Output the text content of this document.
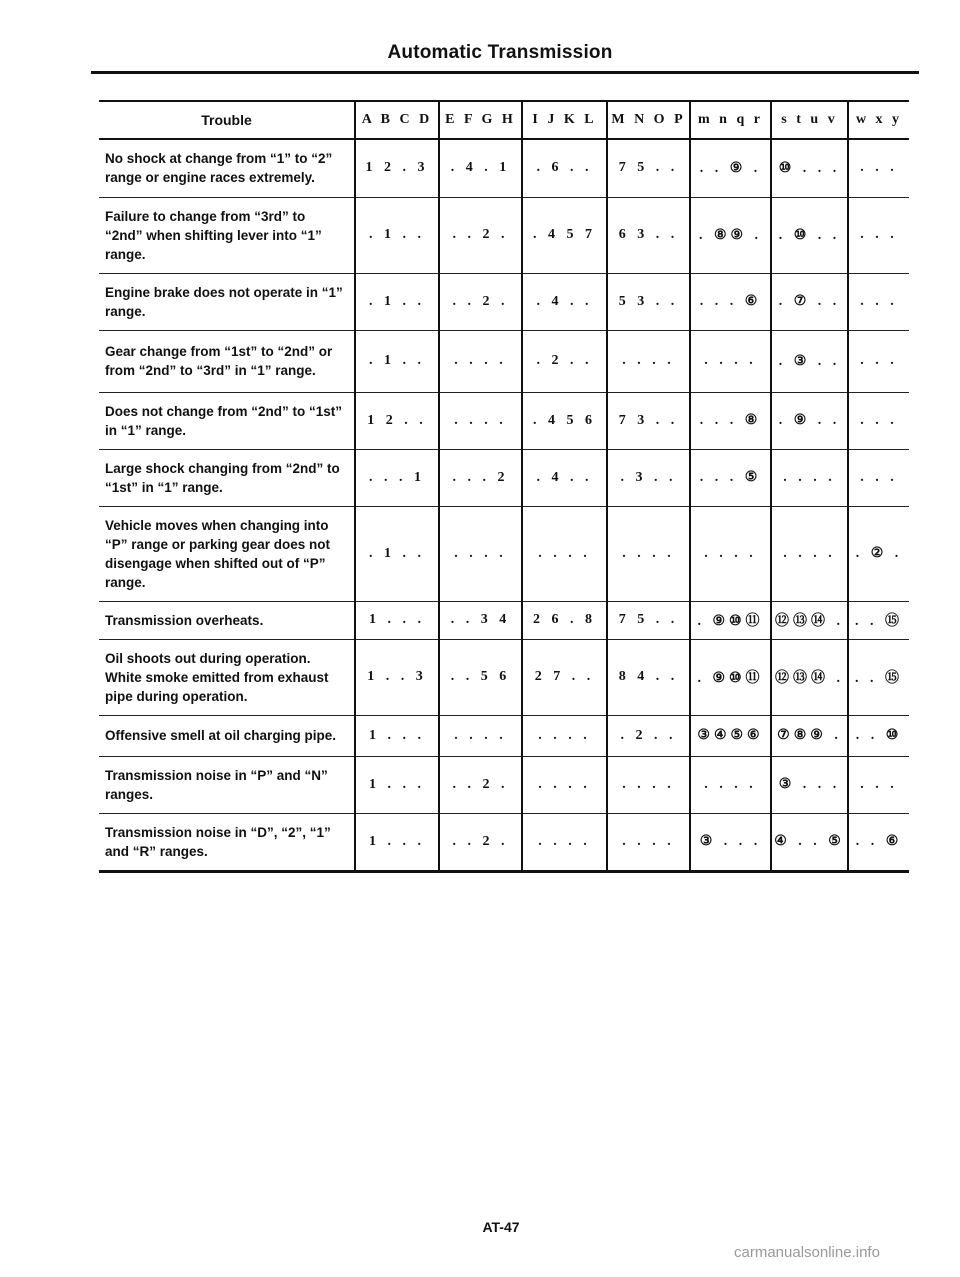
Automatic Transmission
Trouble	A B C D	E F G H	I J K L	M N O P	m n q r	s t u v	w x y
No shock at change from “1” to “2” range or engine races extremely.	1 2 . 3	. 4 . 1	. 6 . .	7 5 . .	. . ⑨ .	⑩ . . .	. . .
Failure to change from “3rd” to “2nd” when shifting lever into “1” range.	. 1 . .	. . 2 .	. 4 5 7	6 3 . .	. ⑧⑨ .	. ⑩ . .	. . .
Engine brake does not operate in “1” range.	. 1 . .	. . 2 .	. 4 . .	5 3 . .	. . . ⑥	. ⑦ . .	. . .
Gear change from “1st” to “2nd” or from “2nd” to “3rd” in “1” range.	. 1 . .	. . . .	. 2 . .	. . . .	. . . .	. ③ . .	. . .
Does not change from “2nd” to “1st” in “1” range.	1 2 . .	. . . .	. 4 5 6	7 3 . .	. . . ⑧	. ⑨ . .	. . .
Large shock changing from “2nd” to “1st” in “1” range.	. . . 1	. . . 2	. 4 . .	. 3 . .	. . . ⑤	. . . .	. . .
Vehicle moves when changing into “P” range or parking gear does not disengage when shifted out of “P” range.	. 1 . .	. . . .	. . . .	. . . .	. . . .	. . . .	. ② .
Transmission overheats.	1 . . .	. . 3 4	2 6 . 8	7 5 . .	. ⑨⑩⑪	⑫⑬⑭ .	. . ⑮
Oil shoots out during operation. White smoke emitted from exhaust pipe during operation.	1 . . 3	. . 5 6	2 7 . .	8 4 . .	. ⑨⑩⑪	⑫⑬⑭ .	. . ⑮
Offensive smell at oil charging pipe.	1 . . .	. . . .	. . . .	. 2 . .	③④⑤⑥	⑦⑧⑨ .	. . ⑩
Transmission noise in “P” and “N” ranges.	1 . . .	. . 2 .	. . . .	. . . .	. . . .	③ . . .	. . .
Transmission noise in “D”, “2”, “1” and “R” ranges.	1 . . .	. . 2 .	. . . .	. . . .	③ . . .	④ . . ⑤	. . ⑥
AT-47
carmanualsonline.info
